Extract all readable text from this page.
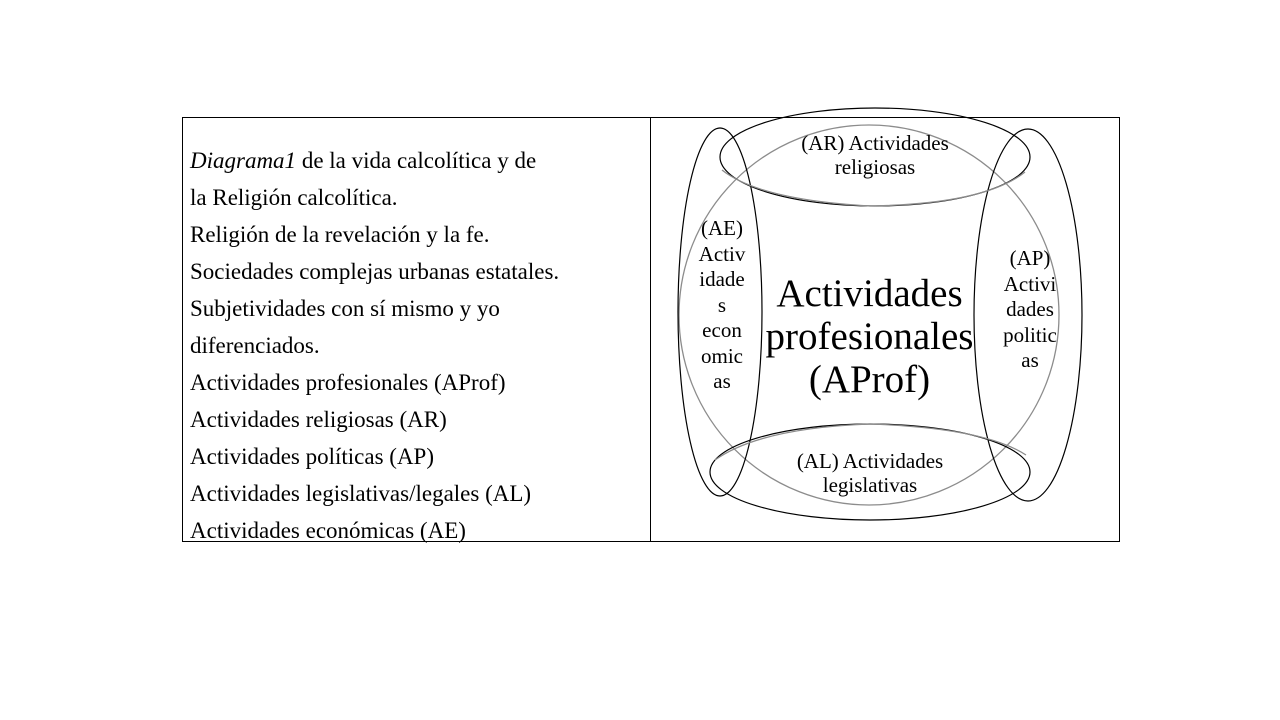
Diagrama1 de la vida calcolítica y de
la Religión calcolítica.
Religión de la revelación y la fe.
Sociedades complejas urbanas estatales.
Subjetividades con sí mismo y yo
diferenciados.
Actividades profesionales (AProf)
Actividades religiosas (AR)
Actividades políticas (AP)
Actividades legislativas/legales (AL)
Actividades económicas (AE)
(AR) Actividades
religiosas
(AL) Actividades
legislativas
(AE)
Activ
idade
s
econ
omic
as
(AP)
Activi
dades
politic
as
Actividades
profesionales
(AProf)
